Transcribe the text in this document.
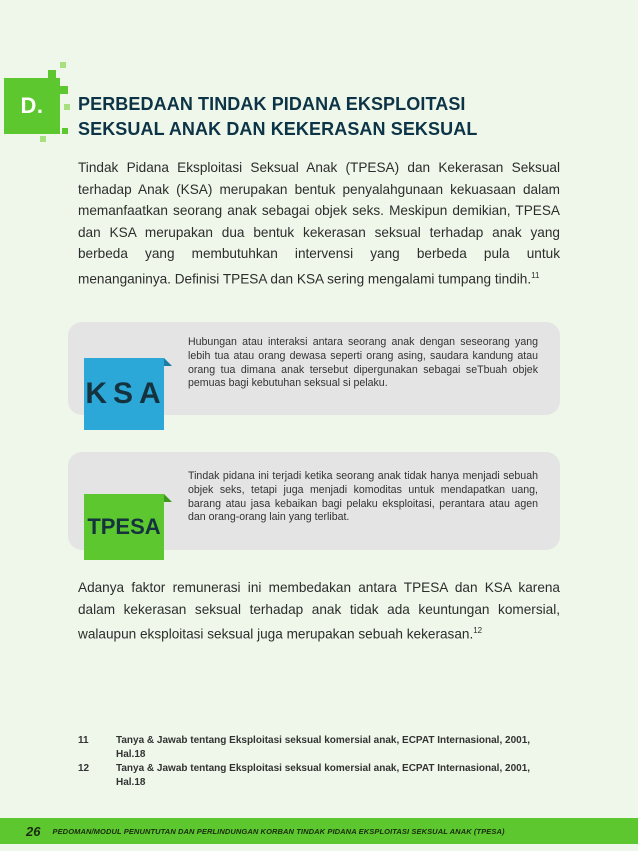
D.	PERBEDAAN TINDAK PIDANA EKSPLOITASI
SEKSUAL ANAK DAN KEKERASAN SEKSUAL

Tindak Pidana Eksploitasi Seksual Anak (TPESA) dan Kekerasan Seksual terhadap Anak (KSA) merupakan bentuk penyalahgunaan kekuasaan dalam memanfaatkan seorang anak sebagai objek seks. Meskipun demikian, TPESA dan KSA merupakan dua bentuk kekerasan seksual terhadap anak yang berbeda yang membutuhkan intervensi yang berbeda pula untuk menanganinya. Definisi TPESA dan KSA sering mengalami tumpang tindih.$^{11}$

Hubungan atau interaksi antara seorang anak dengan seseorang yang lebih tua atau orang dewasa seperti orang asing, saudara kandung atau orang tua dimana anak tersebut dipergunakan sebagai seTbuah objek pemuas bagi kebutuhan seksual si pelaku.

KSA

Tindak pidana ini terjadi ketika seorang anak tidak hanya menjadi sebuah objek seks, tetapi juga menjadi komoditas untuk mendapatkan uang, barang atau jasa kebaikan bagi pelaku eksploitasi, perantara atau agen dan orang-orang lain yang terlibat.

TPESA

Adanya faktor remunerasi ini membedakan antara TPESA dan KSA karena dalam kekerasan seksual terhadap anak tidak ada keuntungan komersial, walaupun eksploitasi seksual juga merupakan sebuah kekerasan.$^{12}$

11	Tanya & Jawab tentang Eksploitasi seksual komersial anak, ECPAT Internasional, 2001, Hal.18
12	Tanya & Jawab tentang Eksploitasi seksual komersial anak, ECPAT Internasional, 2001, Hal.18
26 PEDOMAN/MODUL PENUNTUTAN DAN PERLINDUNGAN KORBAN TINDAK PIDANA EKSPLOITASI SEKSUAL ANAK (TPESA)
